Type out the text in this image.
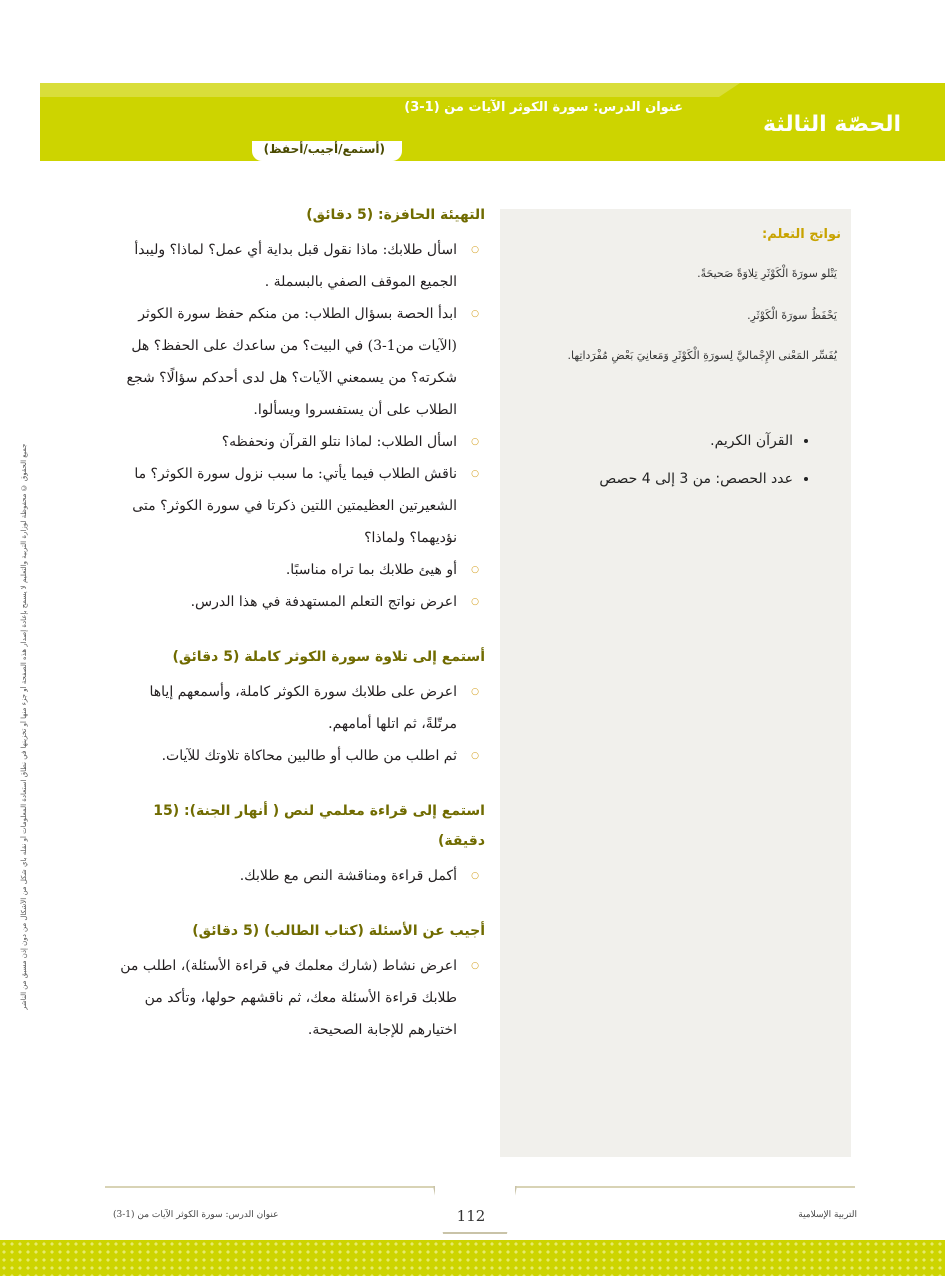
الحصّة الثالثة
عنوان الدرس: سورة الكوثر الآيات من (1-3)
(أستمع/أجيب/أحفظ)
جميع الحقوق © محفوظة لوزارة التربية والتعليم لا يسمح بإعادة إصدار هذه الصفحة أو جزء منها أو تخزينها في نطاق استعادة المعلومات أو نقله بأي شكل من الأشكال من دون إذن مسبق من الناشر
نواتج التعلم:
يَتْلو سورَةَ الْكَوْثَرِ تِلاوَةً صَحيحَةً.
يَحْفَظُ سورَةَ الْكَوْثَرِ.
يُفَسِّر المَعْنى الإِجْماليَّ لِسورَةِ الْكَوْثَرِ وَمَعانِيَ بَعْضِ مُفْرَداتِها.
• القرآن الكريم.
• عدد الحصص: من 3 إلى 4 حصص
التهيئة الحافزة: (5 دقائق)
○ اسأل طلابك: ماذا نقول قبل بداية أي عمل؟ لماذا؟ وليبدأ الجميع الموقف الصفي بالبسملة .
○ ابدأ الحصة بسؤال الطلاب: من منكم حفظ سورة الكوثر (الآيات من1-3) في البيت؟ من ساعدك على الحفظ؟ هل شكرته؟ من يسمعني الآيات؟ هل لدى أحدكم سؤالًا؟ شجع الطلاب على أن يستفسروا ويسألوا.
○ اسأل الطلاب: لماذا نتلو القرآن ونحفظه؟
○ ناقش الطلاب فيما يأتي: ما سبب نزول سورة الكوثر؟ ما الشعيرتين العظيمتين اللتين ذكرتا في سورة الكوثر؟ متى نؤديهما؟ ولماذا؟
○ أو هيئ طلابك بما تراه مناسبًا.
○ اعرض نواتج التعلم المستهدفة في هذا الدرس.
أستمع إلى تلاوة سورة الكوثر كاملة (5 دقائق)
○ اعرض على طلابك سورة الكوثر كاملة، وأسمعهم إياها مرتّلةً، ثم اتلها أمامهم.
○ ثم اطلب من طالب أو طالبين محاكاة تلاوتك للآيات.
استمع إلى قراءة معلمي لنص ( أنهار الجنة): (15 دقيقة)
○ أكمل قراءة ومناقشة النص مع طلابك.
أجيب عن الأسئلة (كتاب الطالب) (5 دقائق)
○ اعرض نشاط (شارك معلمك في قراءة الأسئلة)، اطلب من طلابك قراءة الأسئلة معك، ثم ناقشهم حولها، وتأكد من اختيارهم للإجابة الصحيحة.
112
عنوان الدرس: سورة الكوثر الآيات من (1-3)	التربية الإسلامية
